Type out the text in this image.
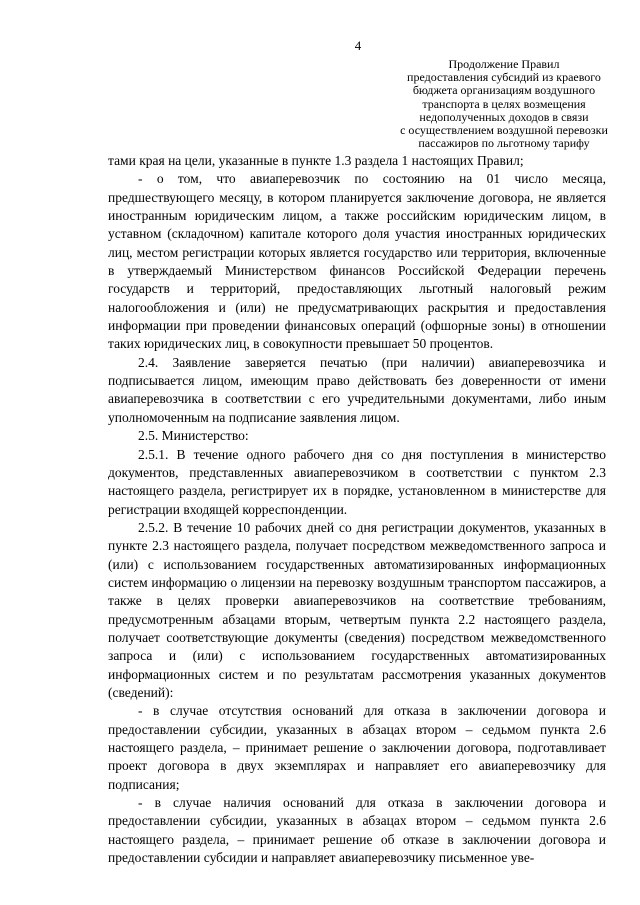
4
Продолжение Правил
предоставления субсидий из краевого
бюджета организациям воздушного
транспорта в целях возмещения
недополученных доходов в связи
с осуществлением воздушной перевозки
пассажиров по льготному тарифу

тами края на цели, указанные в пункте 1.3 раздела 1 настоящих Правил;

- о том, что авиаперевозчик по состоянию на 01 число месяца, предшествующего месяцу, в котором планируется заключение договора, не является иностранным юридическим лицом, а также российским юридическим лицом, в уставном (складочном) капитале которого доля участия иностранных юридических лиц, местом регистрации которых является государство или территория, включенные в утверждаемый Министерством финансов Российской Федерации перечень государств и территорий, предоставляющих льготный налоговый режим налогообложения и (или) не предусматривающих раскрытия и предоставления информации при проведении финансовых операций (офшорные зоны) в отношении таких юридических лиц, в совокупности превышает 50 процентов.

2.4. Заявление заверяется печатью (при наличии) авиаперевозчика и подписывается лицом, имеющим право действовать без доверенности от имени авиаперевозчика в соответствии с его учредительными документами, либо иным уполномоченным на подписание заявления лицом.

2.5. Министерство:

2.5.1. В течение одного рабочего дня со дня поступления в министерство документов, представленных авиаперевозчиком в соответствии с пунктом 2.3 настоящего раздела, регистрирует их в порядке, установленном в министерстве для регистрации входящей корреспонденции.

2.5.2. В течение 10 рабочих дней со дня регистрации документов, указанных в пункте 2.3 настоящего раздела, получает посредством межведомственного запроса и (или) с использованием государственных автоматизированных информационных систем информацию о лицензии на перевозку воздушным транспортом пассажиров, а также в целях проверки авиаперевозчиков на соответствие требованиям, предусмотренным абзацами вторым, четвертым пункта 2.2 настоящего раздела, получает соответствующие документы (сведения) посредством межведомственного запроса и (или) с использованием государственных автоматизированных информационных систем и по результатам рассмотрения указанных документов (сведений):

- в случае отсутствия оснований для отказа в заключении договора и предоставлении субсидии, указанных в абзацах втором – седьмом пункта 2.6 настоящего раздела, – принимает решение о заключении договора, подготавливает проект договора в двух экземплярах и направляет его авиаперевозчику для подписания;

- в случае наличия оснований для отказа в заключении договора и предоставлении субсидии, указанных в абзацах втором – седьмом пункта 2.6 настоящего раздела, – принимает решение об отказе в заключении договора и предоставлении субсидии и направляет авиаперевозчику письменное уве-
